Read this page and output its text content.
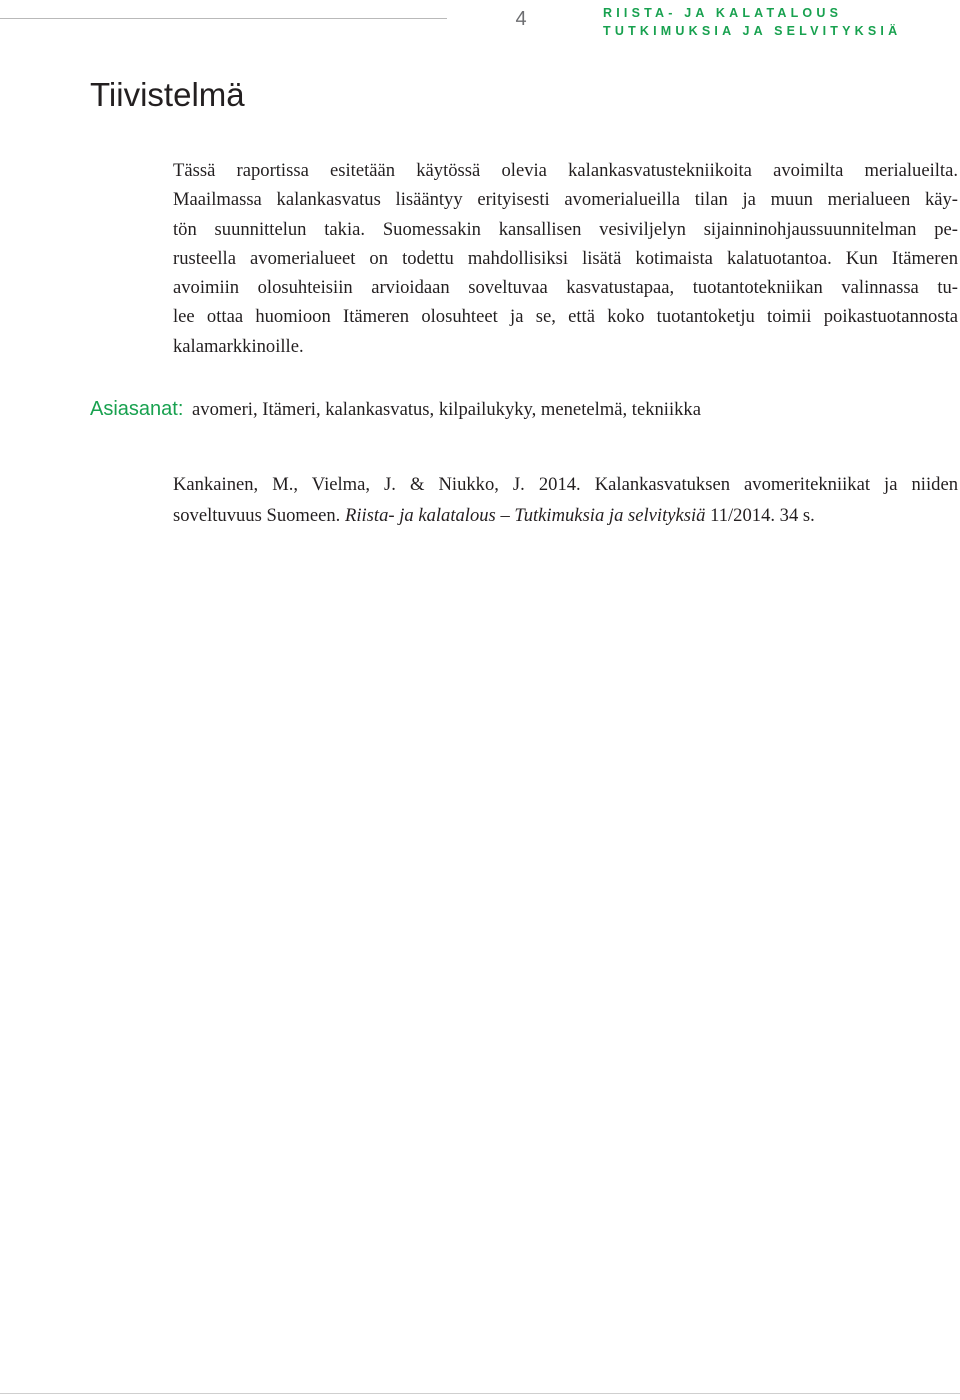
4	RIISTA- JA KALATALOUS
TUTKIMUKSIA JA SELVITYKSIÄ
Tiivistelmä
Tässä raportissa esitetään käytössä olevia kalankasvatustekniikoita avoimilta merialueilta.
Maailmassa kalankasvatus lisääntyy erityisesti avomerialueilla tilan ja muun merialueen käy-
tön suunnittelun takia. Suomessakin kansallisen vesiviljelyn sijainninohjaussuunnitelman pe-
rusteella avomerialueet on todettu mahdollisiksi lisätä kotimaista kalatuotantoa. Kun Itämeren
avoimiin olosuhteisiin arvioidaan soveltuvaa kasvatustapaa, tuotantotekniikan valinnassa tu-
lee ottaa huomioon Itämeren olosuhteet ja se, että koko tuotantoketju toimii poikastuotannosta
kalamarkkinoille.
Asiasanat: avomeri, Itämeri, kalankasvatus, kilpailukyky, menetelmä, tekniikka
Kankainen, M., Vielma, J. & Niukko, J. 2014. Kalankasvatuksen avomeritekniikat ja niiden
soveltuvuus Suomeen. Riista- ja kalatalous – Tutkimuksia ja selvityksiä 11/2014. 34 s.
